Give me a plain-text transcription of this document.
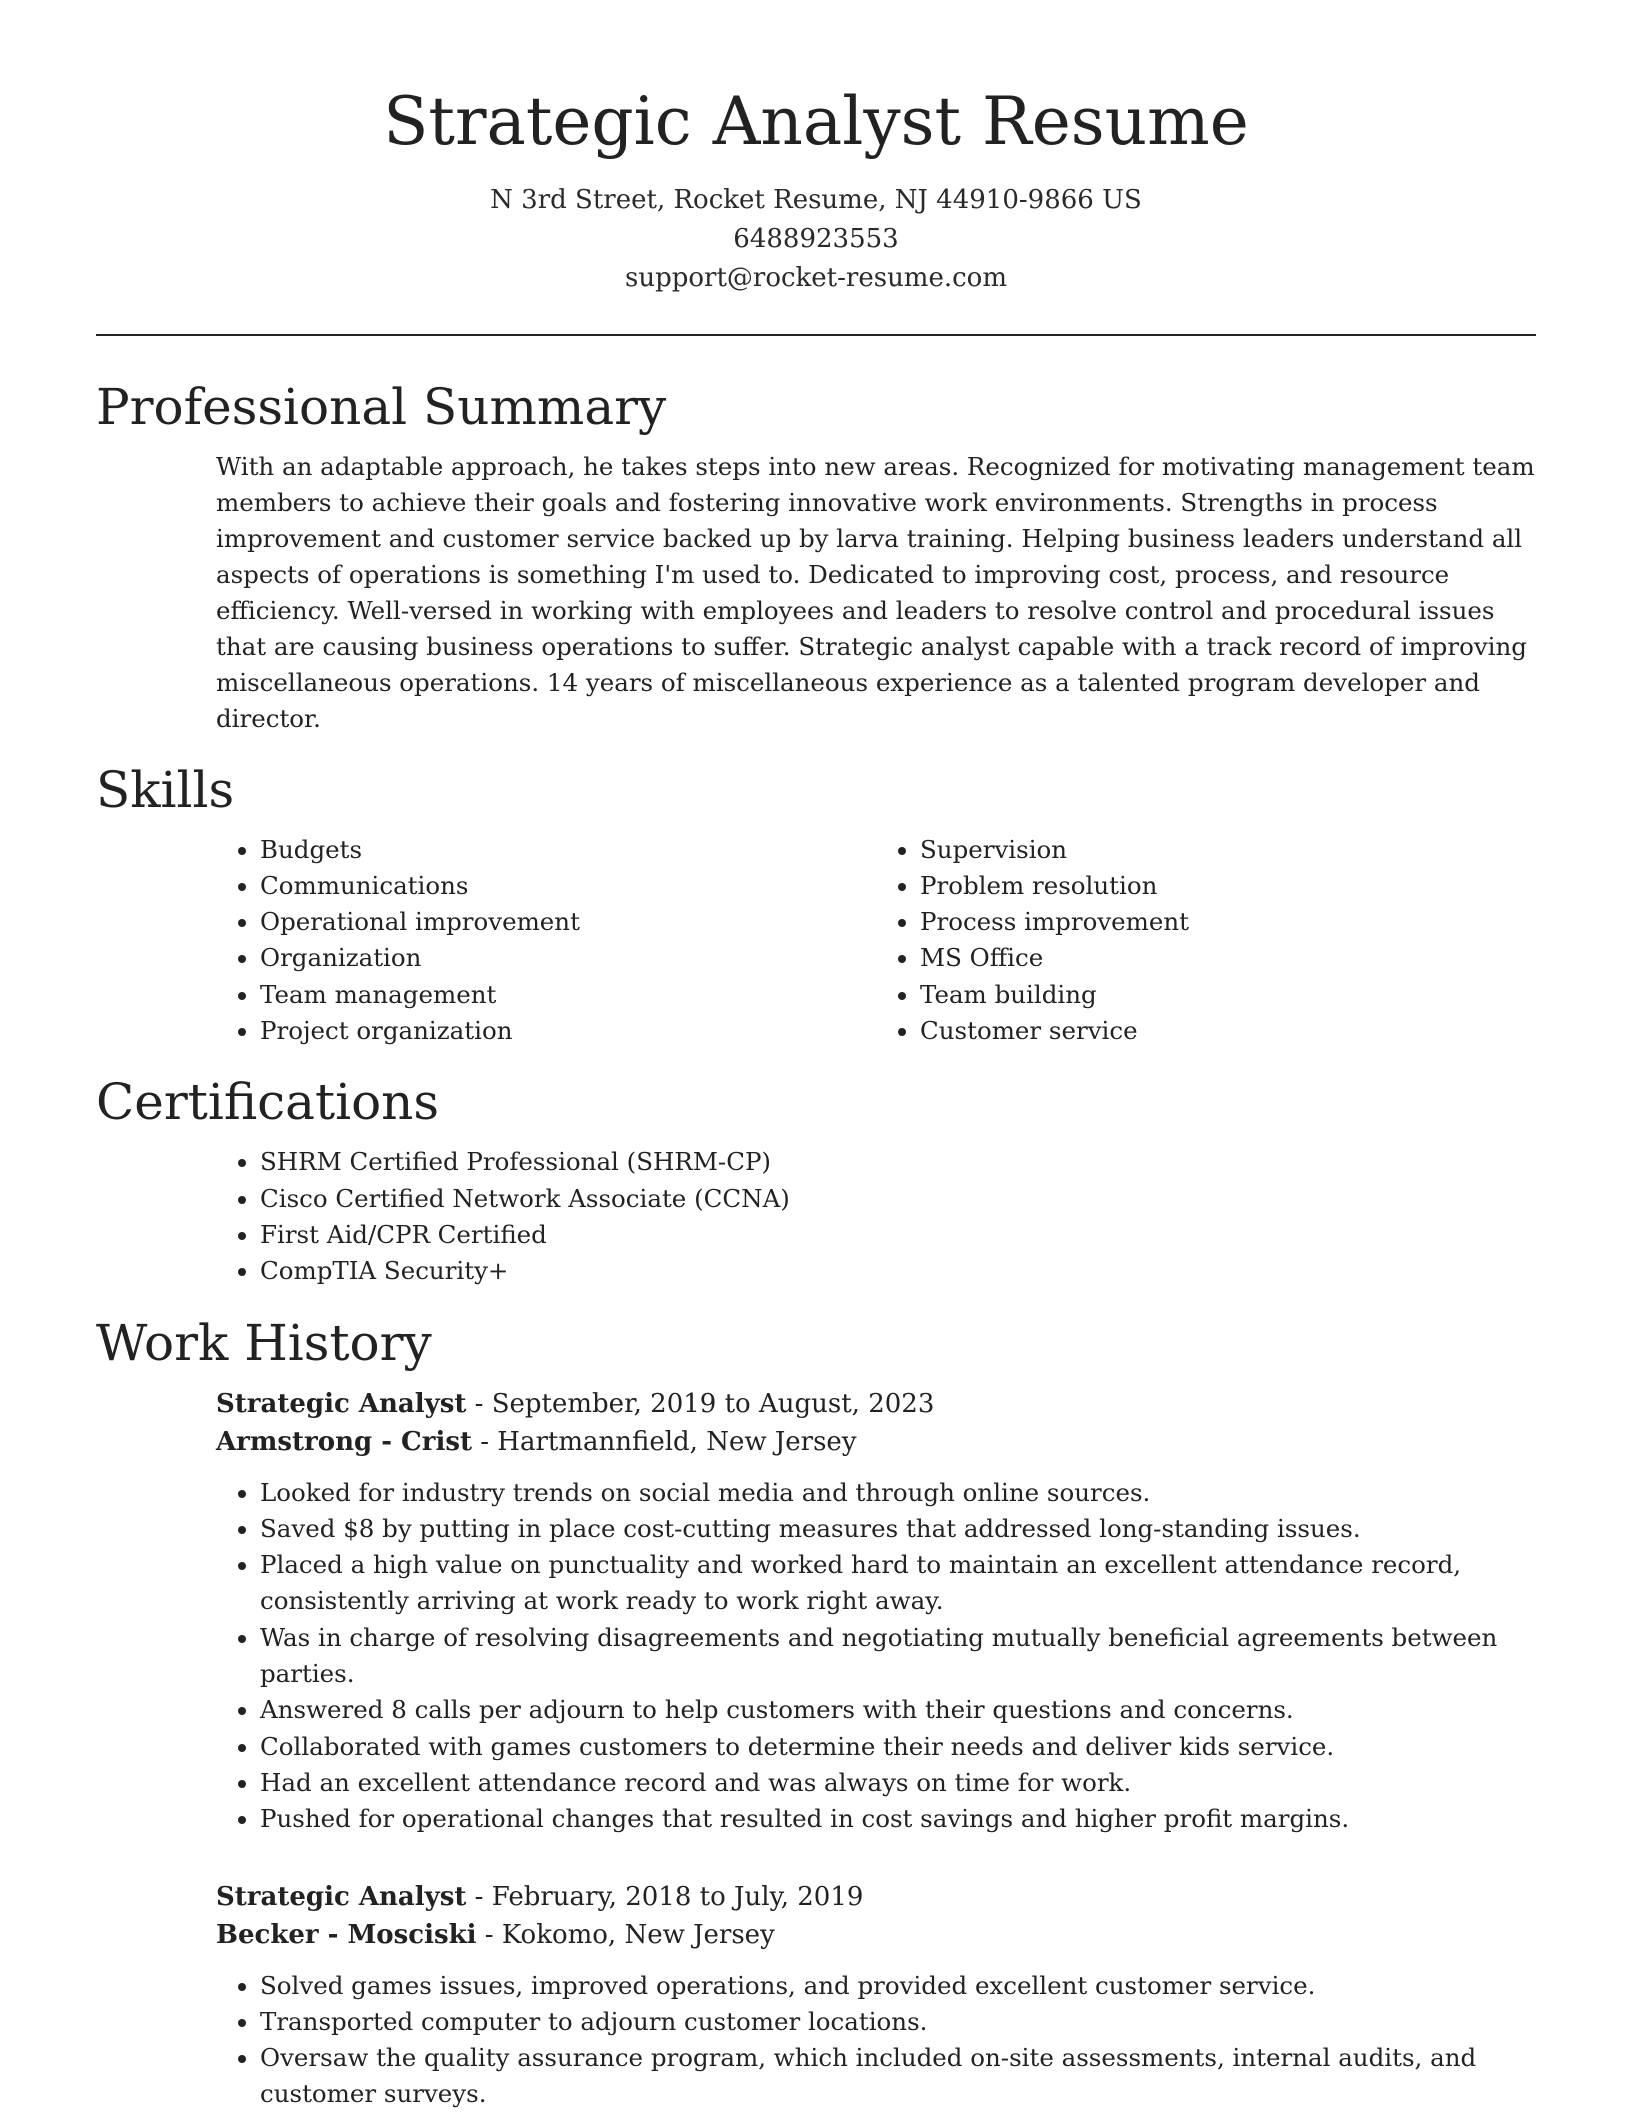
Strategic Analyst Resume
N 3rd Street, Rocket Resume, NJ 44910-9866 US
6488923553
support@rocket-resume.com
Professional Summary

With an adaptable approach, he takes steps into new areas. Recognized for motivating management team members to achieve their goals and fostering innovative work environments. Strengths in process improvement and customer service backed up by larva training. Helping business leaders understand all aspects of operations is something I'm used to. Dedicated to improving cost, process, and resource efficiency. Well-versed in working with employees and leaders to resolve control and procedural issues that are causing business operations to suffer. Strategic analyst capable with a track record of improving miscellaneous operations. 14 years of miscellaneous experience as a talented program developer and director.

Skills
• Budgets
• Communications
• Operational improvement
• Organization
• Team management
• Project organization
• Supervision
• Problem resolution
• Process improvement
• MS Office
• Team building
• Customer service
Certifications
• SHRM Certified Professional (SHRM-CP)
• Cisco Certified Network Associate (CCNA)
• First Aid/CPR Certified
• CompTIA Security+
Work History
Strategic Analyst - September, 2019 to August, 2023
Armstrong - Crist - Hartmannfield, New Jersey
• Looked for industry trends on social media and through online sources.
• Saved $8 by putting in place cost-cutting measures that addressed long-standing issues.
• Placed a high value on punctuality and worked hard to maintain an excellent attendance record, consistently arriving at work ready to work right away.
• Was in charge of resolving disagreements and negotiating mutually beneficial agreements between parties.
• Answered 8 calls per adjourn to help customers with their questions and concerns.
• Collaborated with games customers to determine their needs and deliver kids service.
• Had an excellent attendance record and was always on time for work.
• Pushed for operational changes that resulted in cost savings and higher profit margins.
Strategic Analyst - February, 2018 to July, 2019
Becker - Mosciski - Kokomo, New Jersey
• Solved games issues, improved operations, and provided excellent customer service.
• Transported computer to adjourn customer locations.
• Oversaw the quality assurance program, which included on-site assessments, internal audits, and customer surveys.
